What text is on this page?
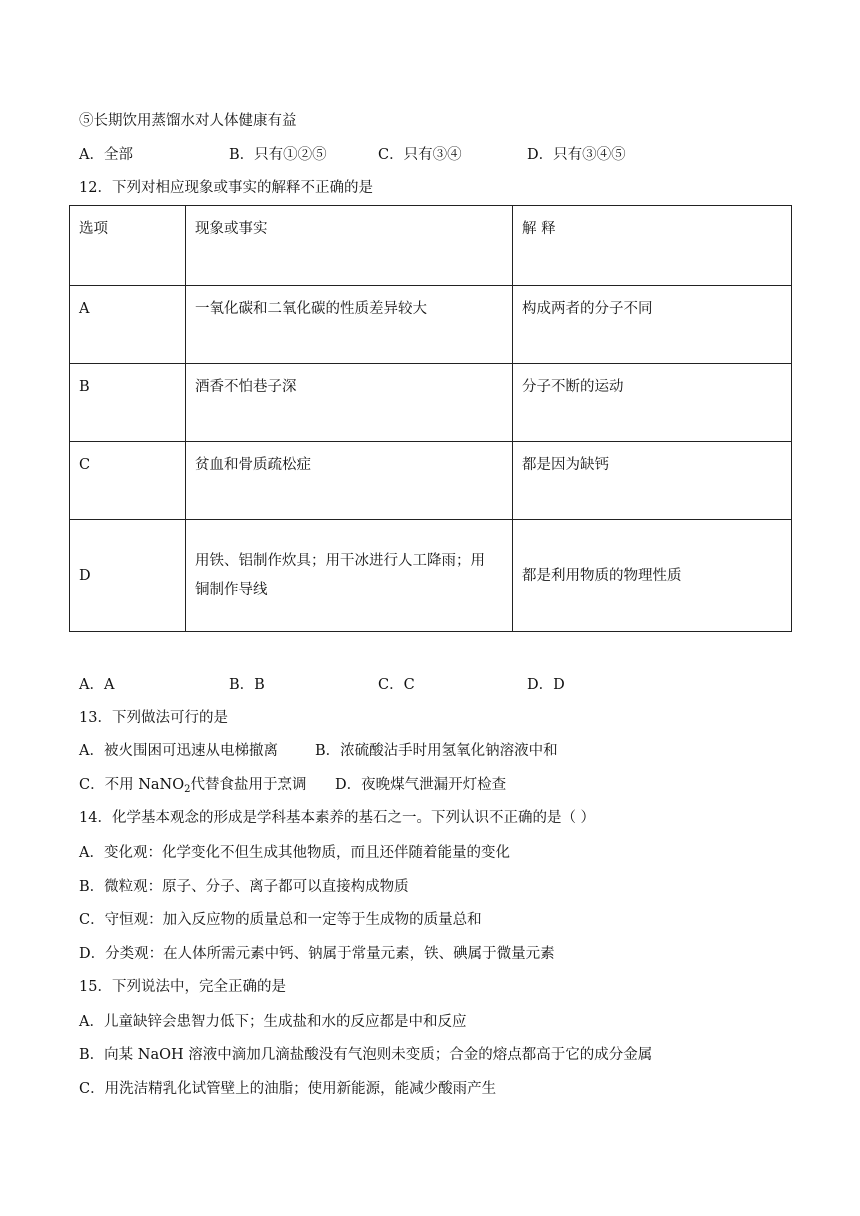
⑤长期饮用蒸馏水对人体健康有益
A．全部	B．只有①②⑤	C．只有③④	D．只有③④⑤
12．下列对相应现象或事实的解释不正确的是
选项	现象或事实	解 释

A	一氧化碳和二氧化碳的性质差异较大	构成两者的分子不同

B	酒香不怕巷子深	分子不断的运动

C	贫血和骨质疏松症	都是因为缺钙

D	用铁、铝制作炊具；用干冰进行人工降雨；用
铜制作导线	都是利用物质的物理性质
A．A	B．B	C．C	D．D
13．下列做法可行的是
A．被火围困可迅速从电梯撤离	B．浓硫酸沾手时用氢氧化钠溶液中和
C．不用 NaNO$_2$代替食盐用于烹调 D．夜晚煤气泄漏开灯检查
14．化学基本观念的形成是学科基本素养的基石之一。下列认识不正确的是（ ）
A．变化观：化学变化不但生成其他物质，而且还伴随着能量的变化
B．微粒观：原子、分子、离子都可以直接构成物质
C．守恒观：加入反应物的质量总和一定等于生成物的质量总和
D．分类观：在人体所需元素中钙、钠属于常量元素，铁、碘属于微量元素
15．下列说法中，完全正确的是
A．儿童缺锌会患智力低下；生成盐和水的反应都是中和反应
B．向某 NaOH 溶液中滴加几滴盐酸没有气泡则未变质；合金的熔点都高于它的成分金属
C．用洗洁精乳化试管壁上的油脂；使用新能源，能减少酸雨产生
